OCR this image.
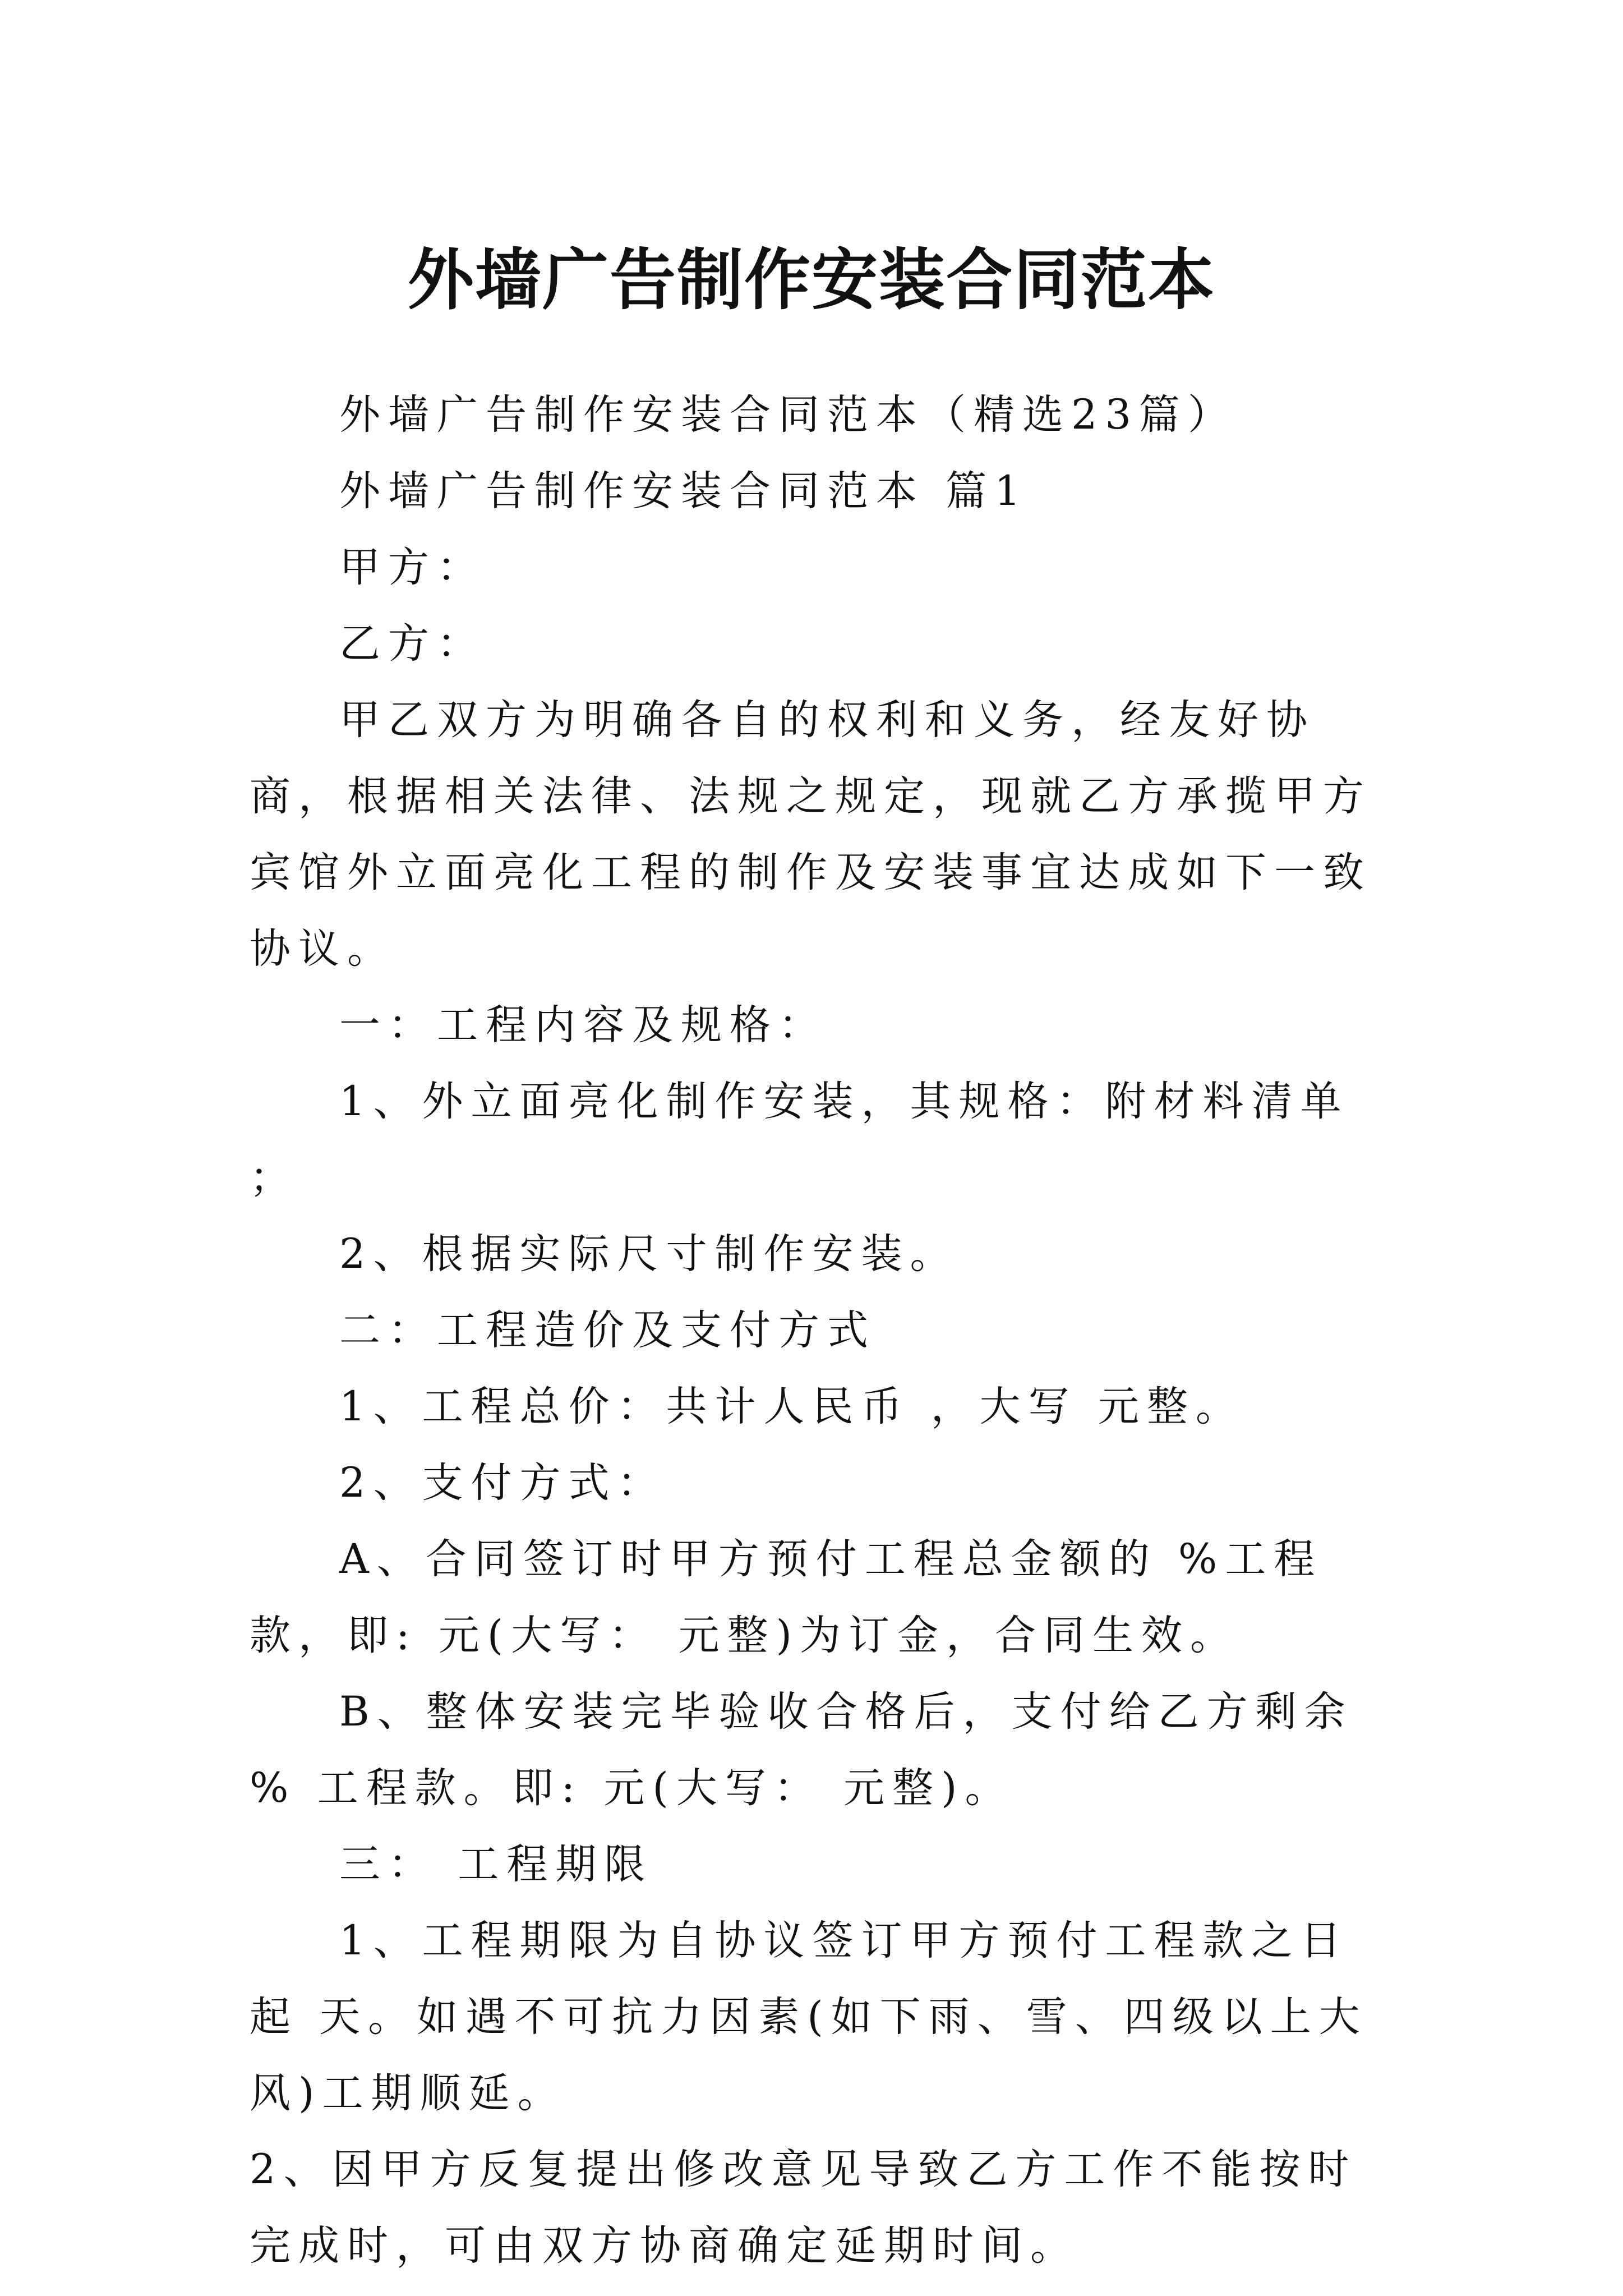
外墙广告制作安装合同范本

外墙广告制作安装合同范本（精选23篇）

外墙广告制作安装合同范本 篇1

甲方：

乙方：

甲乙双方为明确各自的权利和义务，经友好协商，根据相关法律、法规之规定，现就乙方承揽甲方宾馆外立面亮化工程的制作及安装事宜达成如下一致协议。

一：工程内容及规格：

1、外立面亮化制作安装，其规格：附材料清单 ；

2、根据实际尺寸制作安装。

二：工程造价及支付方式

1、工程总价：共计人民币 ，大写 元整。

2、支付方式：

A、合同签订时甲方预付工程总金额的 %工程款，即: 元(大写： 元整)为订金，合同生效。

B、整体安装完毕验收合格后，支付给乙方剩余 % 工程款。即: 元(大写： 元整)。

三： 工程期限

1、工程期限为自协议签订甲方预付工程款之日起 天。如遇不可抗力因素(如下雨、雪、四级以上大风)工期顺延。

2、因甲方反复提出修改意见导致乙方工作不能按时完成时，可由双方协商确定延期时间。
